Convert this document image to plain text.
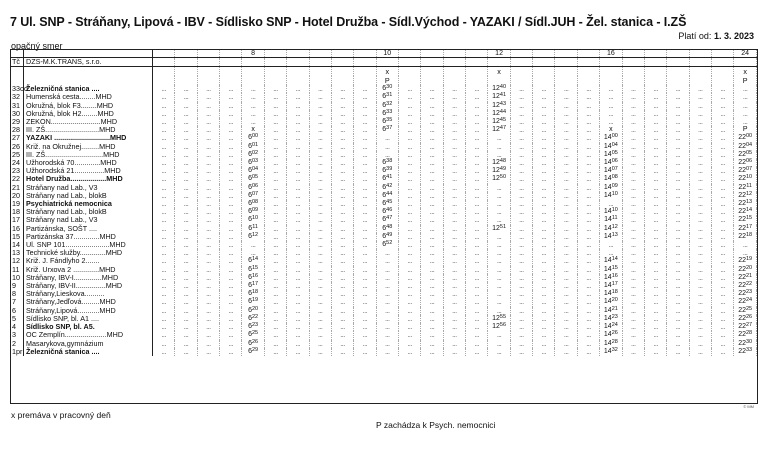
7 Ul. SNP - Stráňany, Lipová - IBV - Sídlisko SNP - Hotel Družba - Sídl.Východ - YAZAKI / Sídl.JUH - Žel. stanica - I.ZŠ
Platí od: 1. 3. 2023
opačný smer
						8						10					12					16						24
Tč	DZS-M.K.TRANS, s.r.o.																											
												x					x											x
												P																P
33od	Železničná stanica ....	...	...	...	...	...	...	...	...	...	...	$6^{30}$	...	...	...	...	$12^{40}$	...	...	...	...	...	...	...	...	...	...	...
32	Humenská cesta........MHD	...	...	...	...	...	...	...	...	...	...	$6^{31}$	...	...	...	...	$12^{41}$	...	...	...	...	...	...	...	...	...	...	...
31	Okružná, blok F3........MHD	...	...	...	...	...	...	...	...	...	...	$6^{32}$	...	...	...	...	$12^{43}$	...	...	...	...	...	...	...	...	...	...	...
30	Okružná, blok H2........MHD	...	...	...	...	...	...	...	...	...	...	$6^{33}$	...	...	...	...	$12^{44}$	...	...	...	...	...	...	...	...	...	...	...
29	ZEKON.........................MHD	...	...	...	...	...	...	...	...	...	...	$6^{35}$	...	...	...	...	$12^{45}$	...	...	...	...	...	...	...	...	...	...	...
28	III. ZŠ...........................MHD	...	...	...	...	x	...	...	...	...	...	$6^{37}$	...	...	...	...	$12^{47}$	...	...	...	...	x	...	...	...	...	...	P
27	YAZAKI ............................MHD	...	...	...	...	$6^{00}$	...	...	...	...	...	...	...	...	...	...	...	...	...	...	...	$14^{00}$	...	...	...	...	...	$22^{00}$
26	Križ. na Okružnej.........MHD	...	...	...	...	$6^{01}$	...	...	...	...	...	...	...	...	...	...	...	...	...	...	...	$14^{04}$	...	...	...	...	...	$22^{04}$
25	III. ZŠ.............................MHD	...	...	...	...	$6^{02}$	...	...	...	...	...	...	...	...	...	...	...	...	...	...	...	$14^{05}$	...	...	...	...	...	$22^{05}$
24	Užhorodská 70.............MHD	...	...	...	...	$6^{03}$	...	...	...	...	...	$6^{38}$	...	...	...	...	$12^{48}$	...	...	...	...	$14^{06}$	...	...	...	...	...	$22^{06}$
23	Užhorodská 21...............MHD	...	...	...	...	$6^{04}$	...	...	...	...	...	$6^{39}$	...	...	...	...	$12^{49}$	...	...	...	...	$14^{07}$	...	...	...	...	...	$22^{07}$
22	Hotel Družba..................MHD	...	...	...	...	$6^{05}$	...	...	...	...	...	$6^{41}$	...	...	...	...	$12^{50}$	...	...	...	...	$14^{08}$	...	...	...	...	...	$22^{10}$
21	Stráňany nad Lab., V3	...	...	...	...	$6^{06}$	...	...	...	...	...	$6^{42}$	...	...	...	...	...	...	...	...	...	$14^{09}$	...	...	...	...	...	$22^{11}$
20	Stráňany nad Lab., blokB	...	...	...	...	$6^{07}$	...	...	...	...	...	$6^{44}$	...	...	...	...	...	...	...	...	...	$14^{10}$	...	...	...	...	...	$22^{12}$
19	Psychiatrická nemocnica	...	...	...	...	$6^{08}$	...	...	...	...	...	$6^{45}$	...	...	...	...	...	...	...	...	...	...	...	...	...	...	...	$22^{13}$
18	Stráňany nad Lab., blokB	...	...	...	...	$6^{09}$	...	...	...	...	...	$6^{46}$	...	...	...	...	...	...	...	...	...	$14^{10}$	...	...	...	...	...	$22^{14}$
17	Stráňany nad Lab., V3	...	...	...	...	$6^{10}$	...	...	...	...	...	$6^{47}$	...	...	...	...	...	...	...	...	...	$14^{11}$	...	...	...	...	...	$22^{15}$
16	Partizánska, SOŠT ....	...	...	...	...	$6^{11}$	...	...	...	...	...	$6^{48}$	...	...	...	...	$12^{51}$	...	...	...	...	$14^{12}$	...	...	...	...	...	$22^{17}$
15	Partizánska 37.............MHD	...	...	...	...	$6^{12}$	...	...	...	...	...	$6^{49}$	...	...	...	...	...	...	...	...	...	$14^{13}$	...	...	...	...	...	$22^{18}$
14	Ul. SNP 101......................MHD	...	...	...	...	...	...	...	...	...	...	$6^{52}$	...	...	...	...	...	...	...	...	...	...	...	...	...	...	...	...
13	Technické služby.............MHD	...	...	...	...	...	...	...	...	...	...	...	...	...	...	...	...	...	...	...	...	...	...	...	...	...	...	...
12	Križ. J. Fándlyho 2.......	...	...	...	...	$6^{14}$	...	...	...	...	...	...	...	...	...	...	...	...	...	...	...	$14^{14}$	...	...	...	...	...	$22^{19}$
11	Križ. Urxova 2 .............MHD	...	...	...	...	$6^{15}$	...	...	...	...	...	...	...	...	...	...	...	...	...	...	...	$14^{15}$	...	...	...	...	...	$22^{20}$
10	Stráňany, IBV-I..............MHD	...	...	...	...	$6^{16}$	...	...	...	...	...	...	...	...	...	...	...	...	...	...	...	$14^{16}$	...	...	...	...	...	$22^{21}$
9	Stráňany, IBV-II...............MHD	...	...	...	...	$6^{17}$	...	...	...	...	...	...	...	...	...	...	...	...	...	...	...	$14^{17}$	...	...	...	...	...	$22^{22}$
8	Stráňany,Lieskova..........	...	...	...	...	$6^{18}$	...	...	...	...	...	...	...	...	...	...	...	...	...	...	...	$14^{18}$	...	...	...	...	...	$22^{23}$
7	Stráňany,Jedľová.........MHD	...	...	...	...	$6^{19}$	...	...	...	...	...	...	...	...	...	...	...	...	...	...	...	$14^{20}$	...	...	...	...	...	$22^{24}$
6	Stráňany,Lipová...........MHD	...	...	...	...	$6^{20}$	...	...	...	...	...	...	...	...	...	...	...	...	...	...	...	$14^{21}$	...	...	...	...	...	$22^{25}$
5	Sídlisko SNP, bl. A1 ....	...	...	...	...	$6^{22}$	...	...	...	...	...	...	...	...	...	...	$12^{55}$	...	...	...	...	$14^{23}$	...	...	...	...	...	$22^{26}$
4	Sídlisko SNP, bl. A5.	...	...	...	...	$6^{23}$	...	...	...	...	...	...	...	...	...	...	$12^{56}$	...	...	...	...	$14^{24}$	...	...	...	...	...	$22^{27}$
3	OC Zemplín.....................MHD	...	...	...	...	$6^{25}$	...	...	...	...	...	...	...	...	...	...	...	...	...	...	...	$14^{26}$	...	...	...	...	...	$22^{28}$
2	Masarykova,gymnázium	...	...	...	...	$6^{26}$	...	...	...	...	...	...	...	...	...	...	...	...	...	...	...	$14^{28}$	...	...	...	...	...	$22^{30}$
1pr	Železničná stanica ....	...	...	...	...	$6^{29}$	...	...	...	...	...	...	...	...	...	...	...	...	...	...	...	$14^{32}$	...	...	...	...	...	$22^{33}$
x premáva v pracovný deň
P zachádza k Psych. nemocnici
© MM
